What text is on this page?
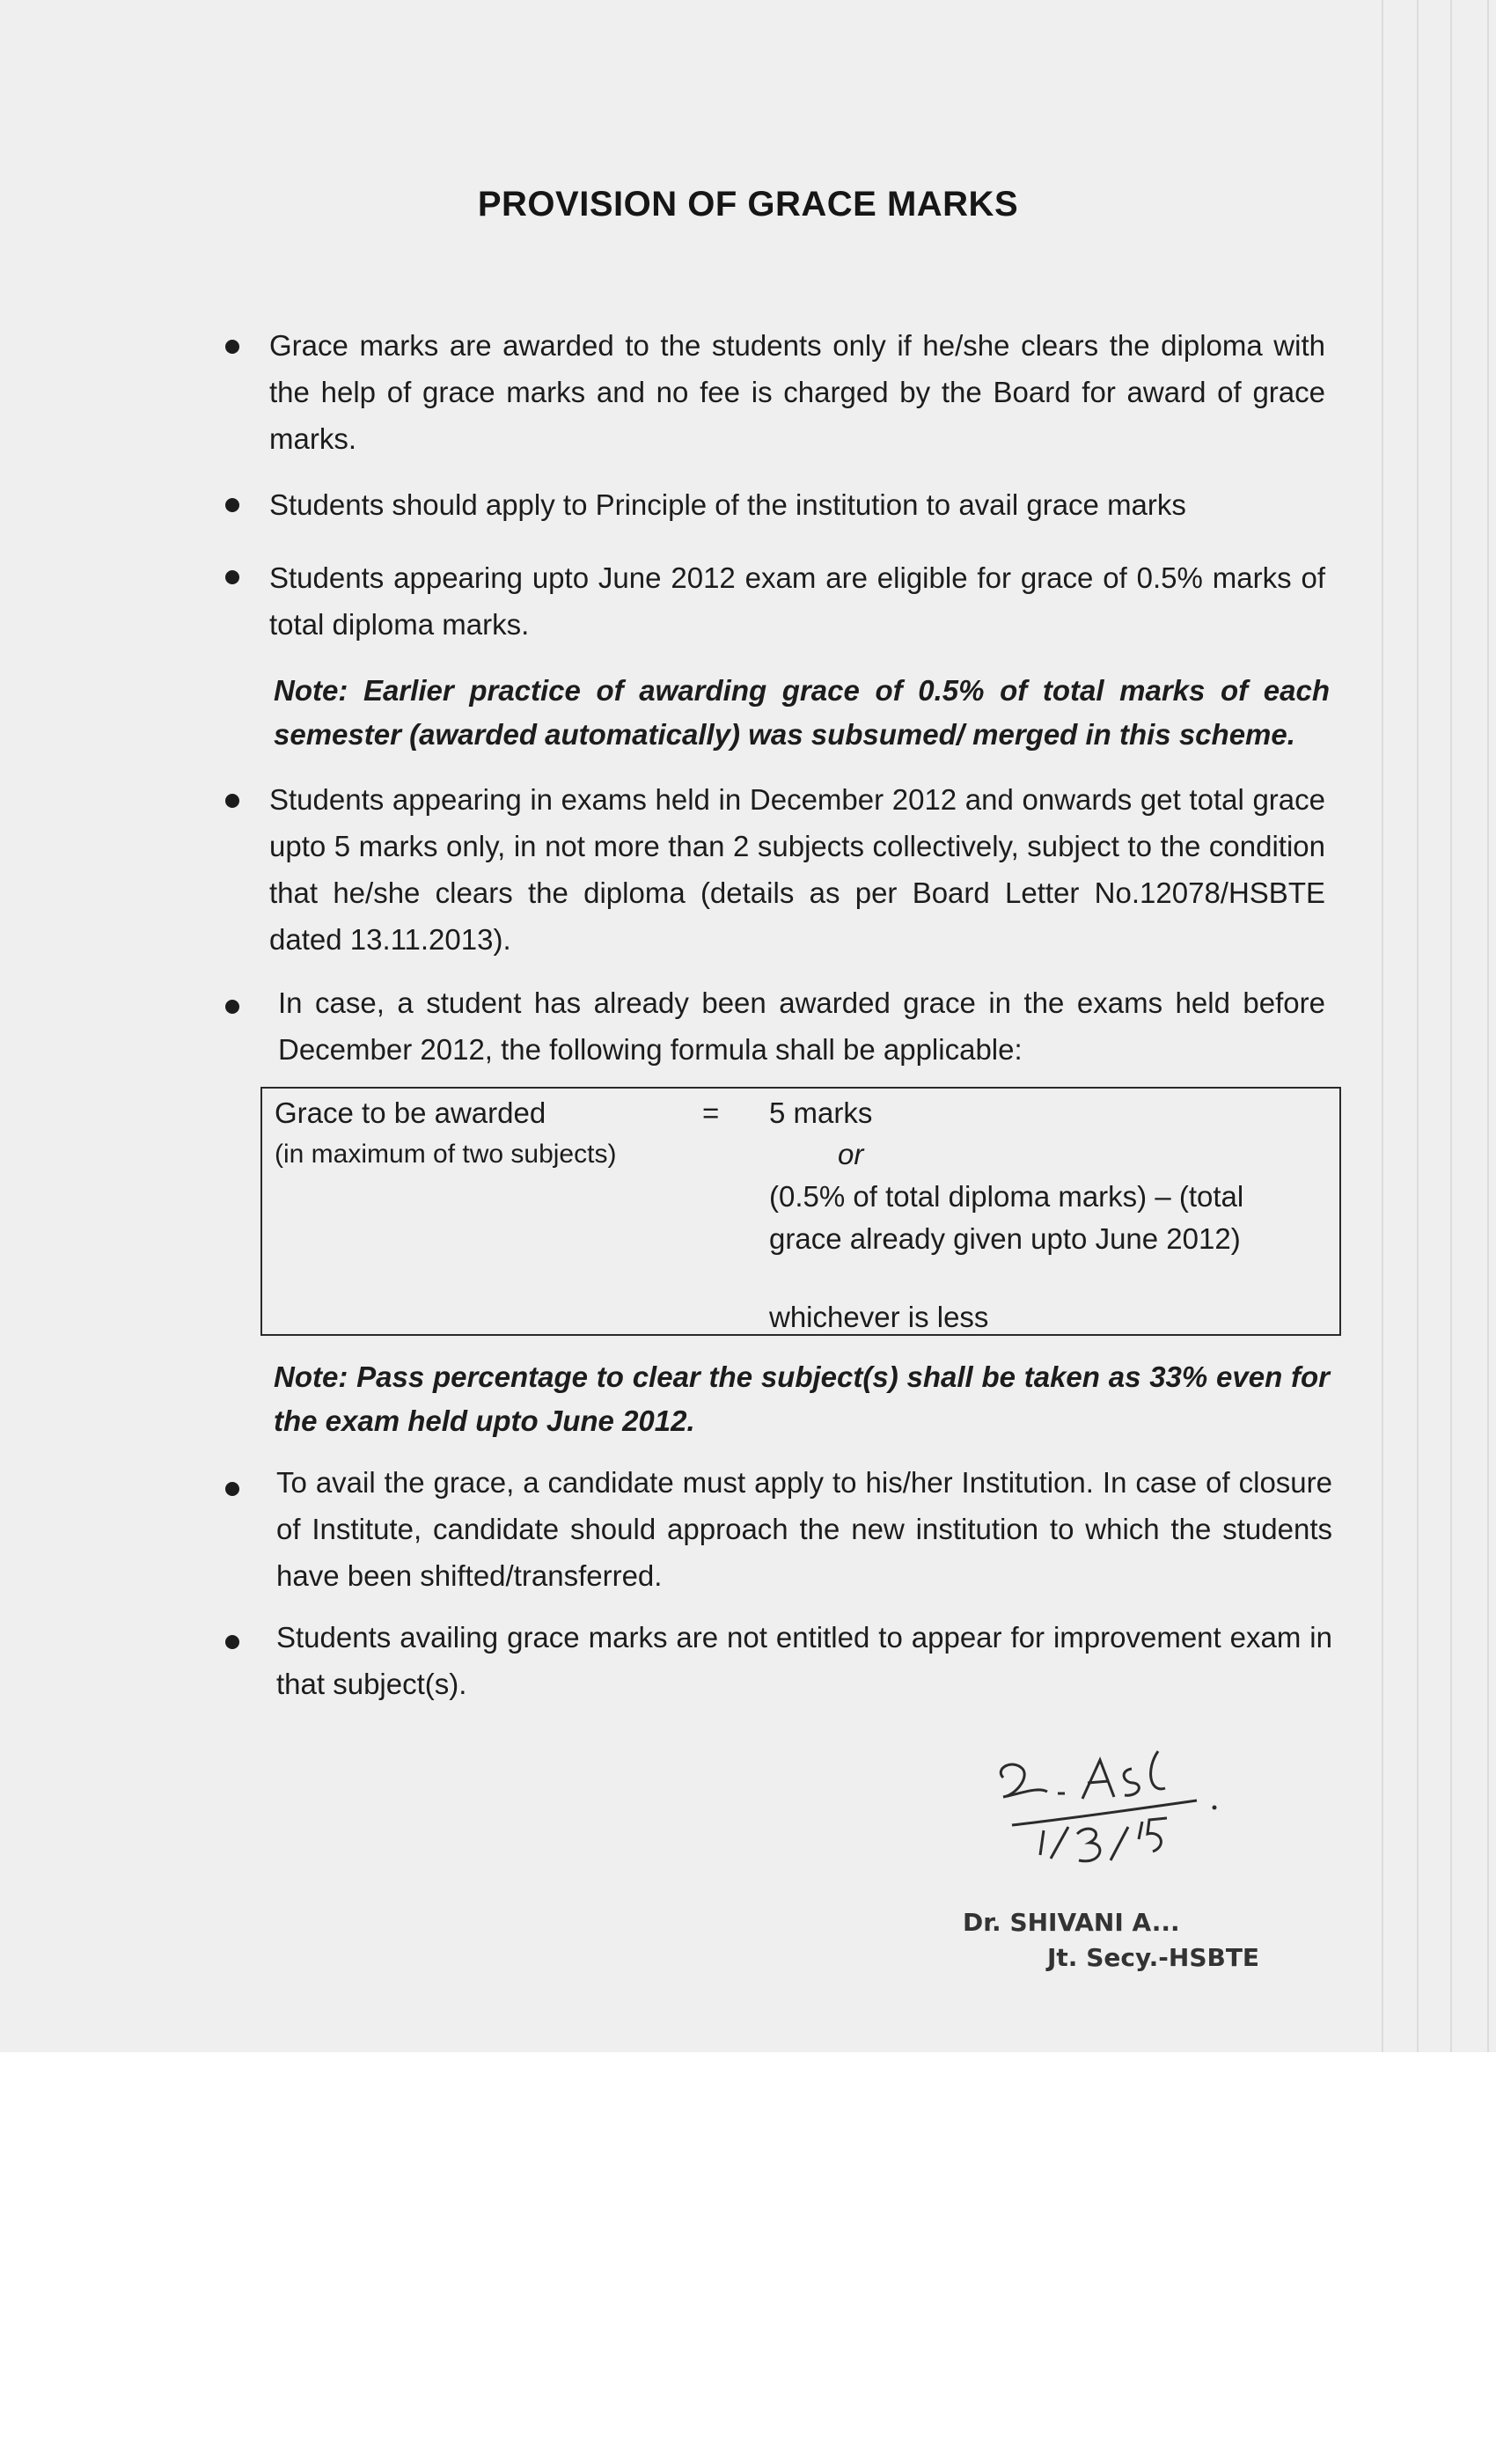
PROVISION OF GRACE MARKS
Grace marks are awarded to the students only if he/she clears the diploma with the help of grace marks and no fee is charged by the Board for award of grace marks.
Students should apply to Principle of the institution to avail grace marks
Students appearing upto June 2012 exam are eligible for grace of 0.5% marks of total diploma marks.
Note: Earlier practice of awarding grace of 0.5% of total marks of each semester (awarded automatically) was subsumed/ merged in this scheme.
Students appearing in exams held in December 2012 and onwards get total grace upto 5 marks only, in not more than 2 subjects collectively, subject to the condition that he/she clears the diploma (details as per Board Letter No.12078/HSBTE dated 13.11.2013).
In case, a student has already been awarded grace in the exams held before December 2012, the following formula shall be applicable:
Grace to be awarded
(in maximum of two subjects)
= 5 marks
or
(0.5% of total diploma marks) – (total
grace already given upto June 2012)
whichever is less
Note: Pass percentage to clear the subject(s) shall be taken as 33% even for the exam held upto June 2012.
To avail the grace, a candidate must apply to his/her Institution. In case of closure of Institute, candidate should approach the new institution to which the students have been shifted/transferred.
Students availing grace marks are not entitled to appear for improvement exam in that subject(s).
Dr. SHIVANI A...
Jt. Secy.-HSBTE
